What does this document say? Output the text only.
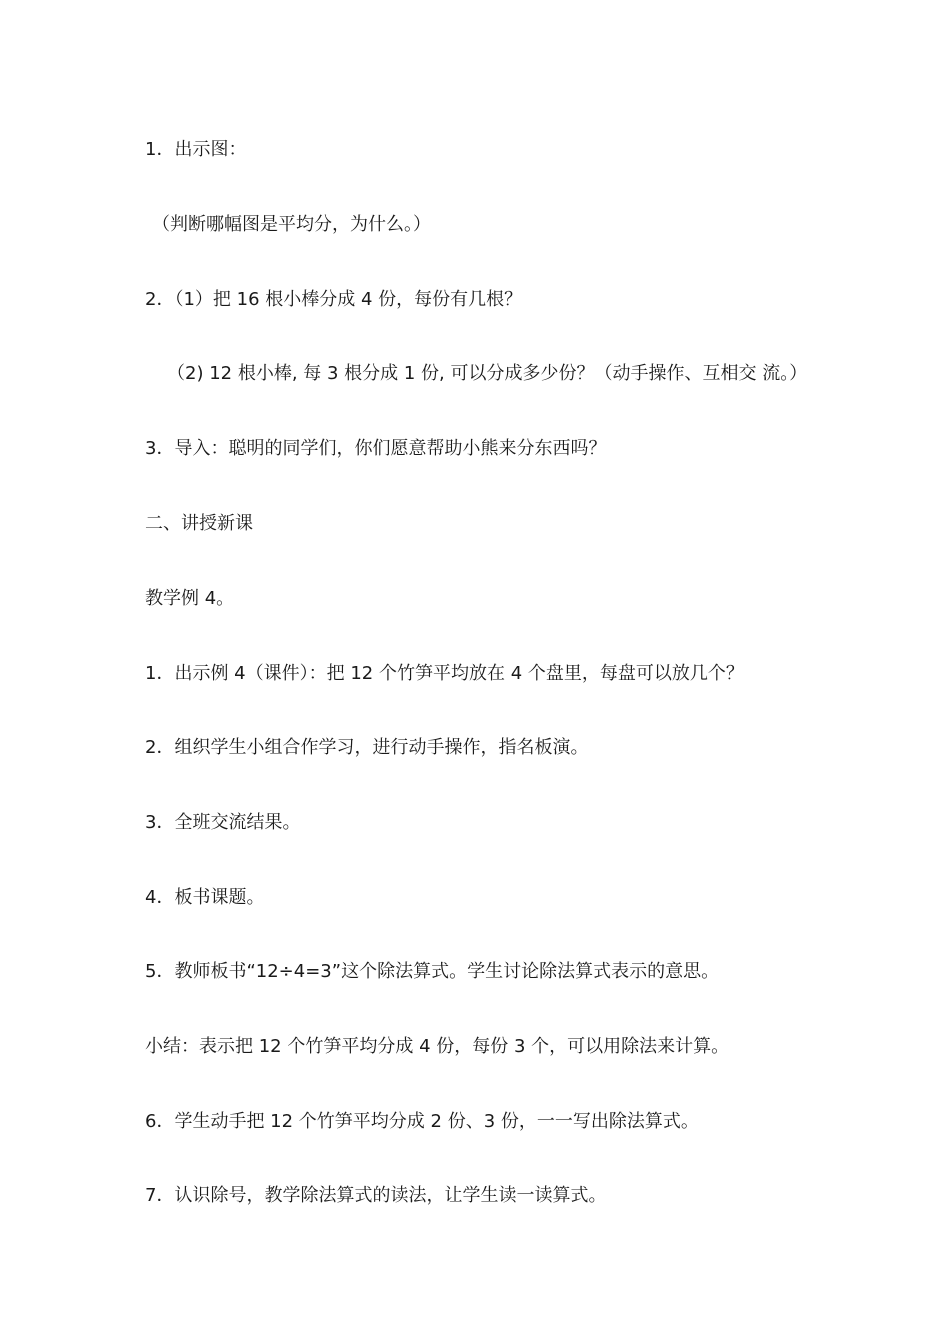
1．出示图：
（判断哪幅图是平均分，为什么。）
2．（1）把 16 根小棒分成 4 份，每份有几根？
（2) 12 根小棒, 每 3 根分成 1 份, 可以分成多少份？（动手操作、互相交 流。）
3．导入：聪明的同学们，你们愿意帮助小熊来分东西吗？
二、讲授新课
教学例 4。
1．出示例 4（课件）：把 12 个竹笋平均放在 4 个盘里，每盘可以放几个？
2．组织学生小组合作学习，进行动手操作，指名板演。
3．全班交流结果。
4．板书课题。
5．教师板书“12÷4=3”这个除法算式。学生讨论除法算式表示的意思。
小结：表示把 12 个竹笋平均分成 4 份，每份 3 个，可以用除法来计算。
6．学生动手把 12 个竹笋平均分成 2 份、3 份，一一写出除法算式。
7．认识除号，教学除法算式的读法，让学生读一读算式。
